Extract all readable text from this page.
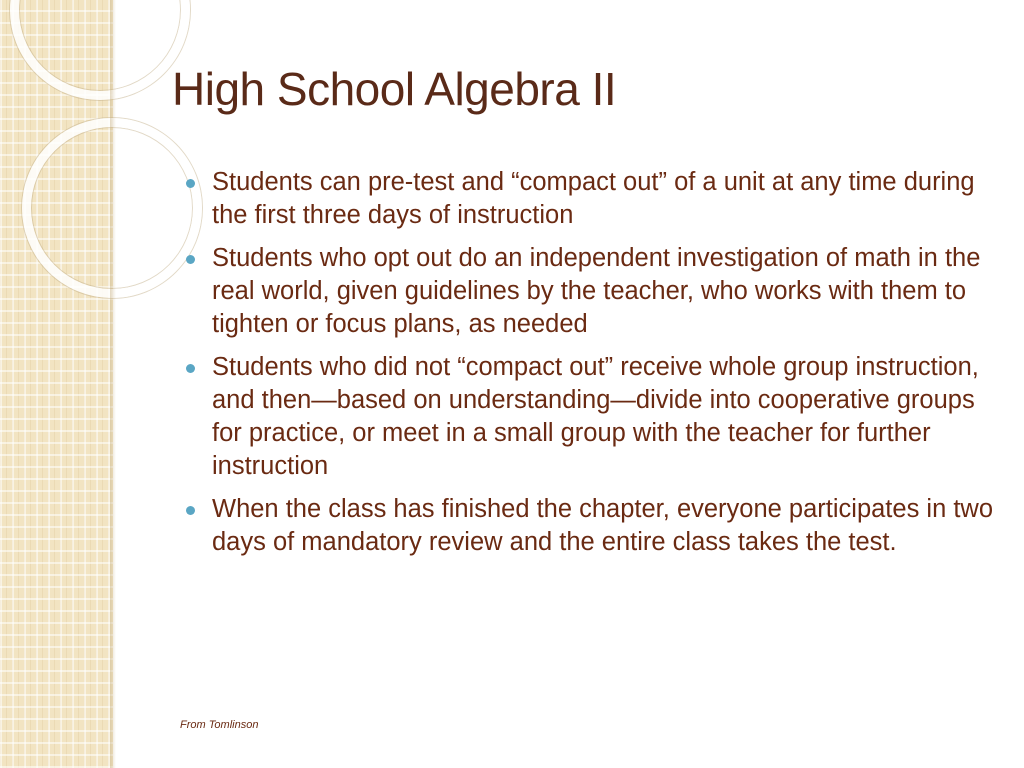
High School Algebra II
Students can pre-test and “compact out” of a unit at any time during the first three days of instruction
Students who opt out do an independent investigation of math in the real world, given guidelines by the teacher, who works with them to tighten or focus plans, as needed
Students who did not “compact out” receive whole group instruction, and then—based on understanding—divide into cooperative groups for practice, or meet in a small group with the teacher for further instruction
When the class has finished the chapter, everyone participates in two days of mandatory review and the entire class takes the test.
From Tomlinson
